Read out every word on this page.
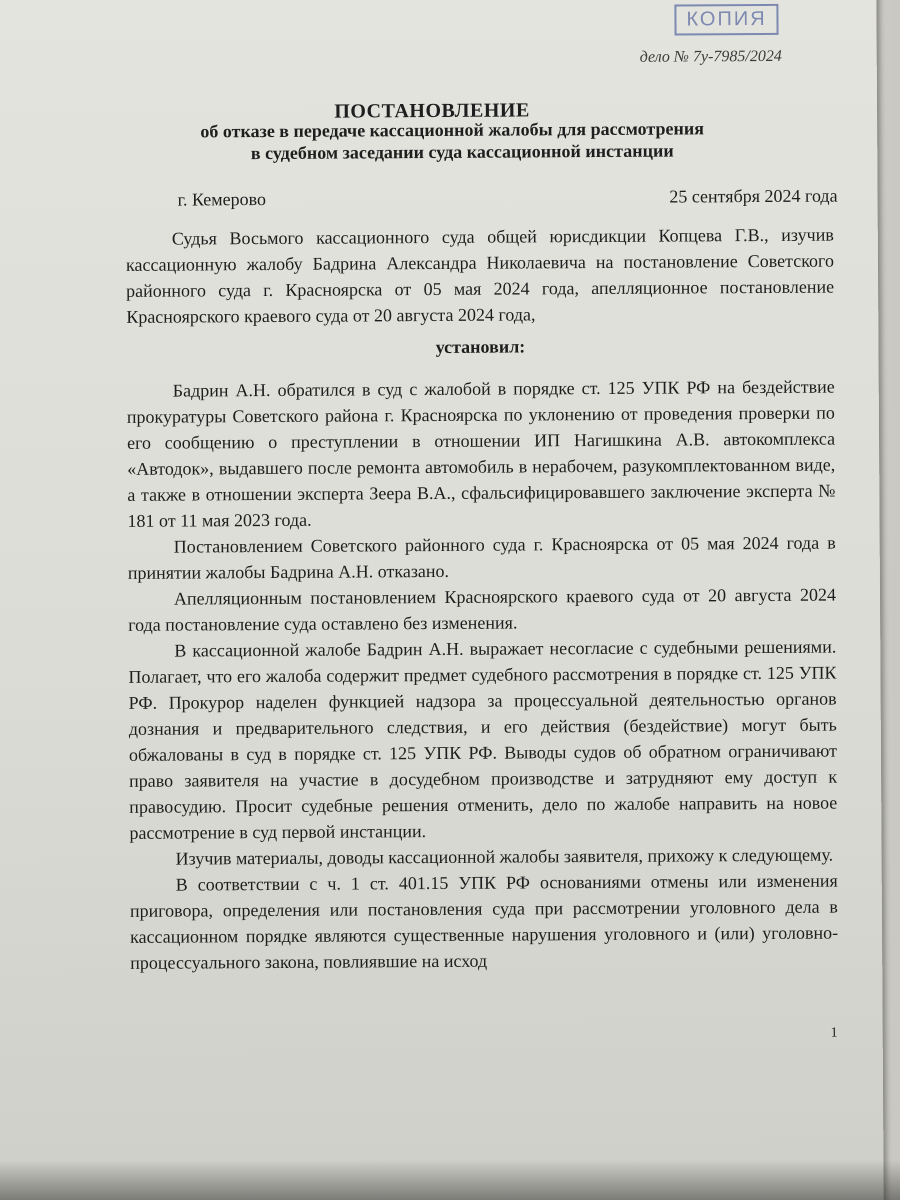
КОПИЯ
дело № 7у-7985/2024
ПОСТАНОВЛЕНИЕ
об отказе в передаче кассационной жалобы для рассмотрения
в судебном заседании суда кассационной инстанции
г. Кемерово	25 сентября 2024 года

Судья Восьмого кассационного суда общей юрисдикции Копцева Г.В., изучив кассационную жалобу Бадрина Александра Николаевича на постановление Советского районного суда г. Красноярска от 05 мая 2024 года, апелляционное постановление Красноярского краевого суда от 20 августа 2024 года,

установил:

Бадрин А.Н. обратился в суд с жалобой в порядке ст. 125 УПК РФ на бездействие прокуратуры Советского района г. Красноярска по уклонению от проведения проверки по его сообщению о преступлении в отношении ИП Нагишкина А.В. автокомплекса «Автодок», выдавшего после ремонта автомобиль в нерабочем, разукомплектованном виде, а также в отношении эксперта Зеера В.А., сфальсифицировавшего заключение эксперта № 181 от 11 мая 2023 года.

Постановлением Советского районного суда г. Красноярска от 05 мая 2024 года в принятии жалобы Бадрина А.Н. отказано.

Апелляционным постановлением Красноярского краевого суда от 20 августа 2024 года постановление суда оставлено без изменения.

В кассационной жалобе Бадрин А.Н. выражает несогласие с судебными решениями. Полагает, что его жалоба содержит предмет судебного рассмотрения в порядке ст. 125 УПК РФ. Прокурор наделен функцией надзора за процессуальной деятельностью органов дознания и предварительного следствия, и его действия (бездействие) могут быть обжалованы в суд в порядке ст. 125 УПК РФ. Выводы судов об обратном ограничивают право заявителя на участие в досудебном производстве и затрудняют ему доступ к правосудию. Просит судебные решения отменить, дело по жалобе направить на новое рассмотрение в суд первой инстанции.

Изучив материалы, доводы кассационной жалобы заявителя, прихожу к следующему.

В соответствии с ч. 1 ст. 401.15 УПК РФ основаниями отмены или изменения приговора, определения или постановления суда при рассмотрении уголовного дела в кассационном порядке являются существенные нарушения уголовного и (или) уголовно-процессуального закона, повлиявшие на исход

1
